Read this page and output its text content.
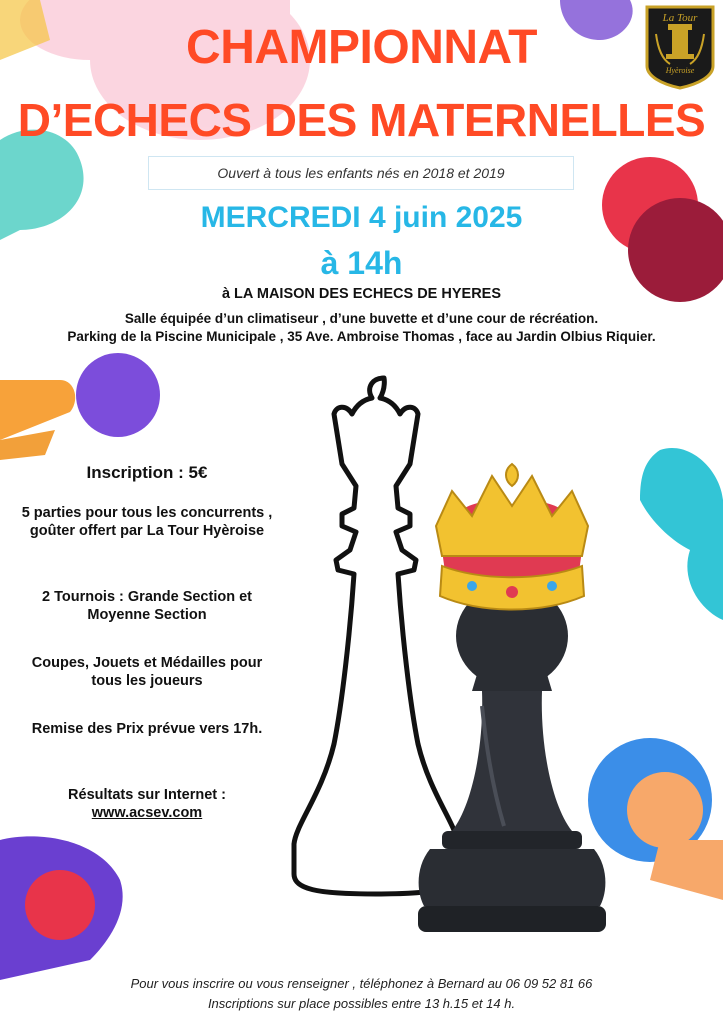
CHAMPIONNAT
D’ECHECS DES MATERNELLES
La Tour
Hyèroise
Ouvert à tous les enfants nés en 2018 et 2019
MERCREDI 4 juin 2025
à 14h
à LA MAISON DES ECHECS DE HYERES
Salle équipée d’un climatiseur , d’une buvette et d’une cour de récréation.
Parking de la Piscine Municipale , 35 Ave. Ambroise Thomas , face au Jardin Olbius Riquier.
Inscription : 5€
5 parties pour tous les concurrents , goûter offert par La Tour Hyèroise
2 Tournois : Grande Section et Moyenne Section
Coupes, Jouets et Médailles pour tous les joueurs
Remise des Prix prévue vers 17h.
Résultats sur Internet :
www.acsev.com
Pour vous inscrire ou vous renseigner , téléphonez à Bernard au 06 09 52 81 66
Inscriptions sur place possibles entre 13 h.15 et 14 h.
